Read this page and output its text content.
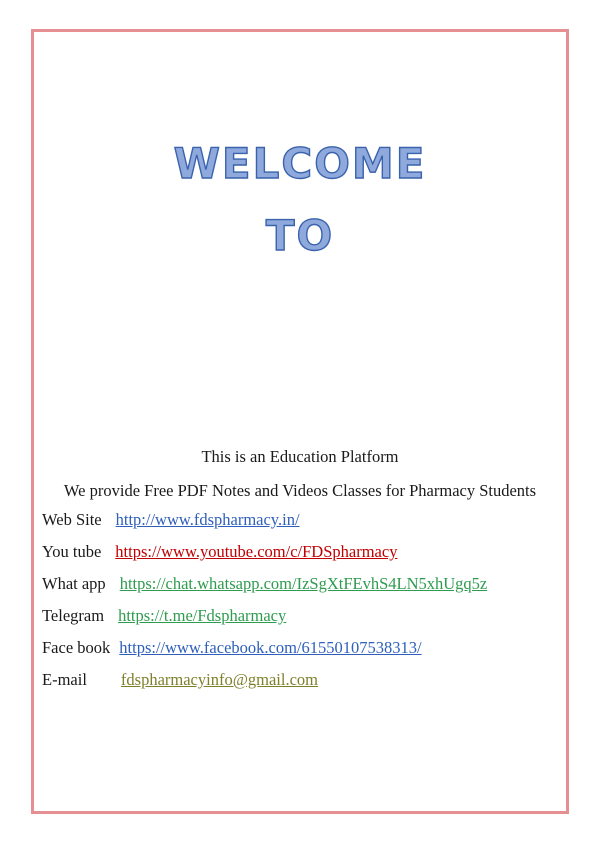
WELCOME
TO
This is an Education Platform
We provide Free PDF Notes and Videos Classes for Pharmacy Students
Web Site http://www.fdspharmacy.in/
You tube https://www.youtube.com/c/FDSpharmacy
What app https://chat.whatsapp.com/IzSgXtFEvhS4LN5xhUgq5z
Telegram https://t.me/Fdspharmacy
Face book https://www.facebook.com/61550107538313/
E-mail fdspharmacyinfo@gmail.com
